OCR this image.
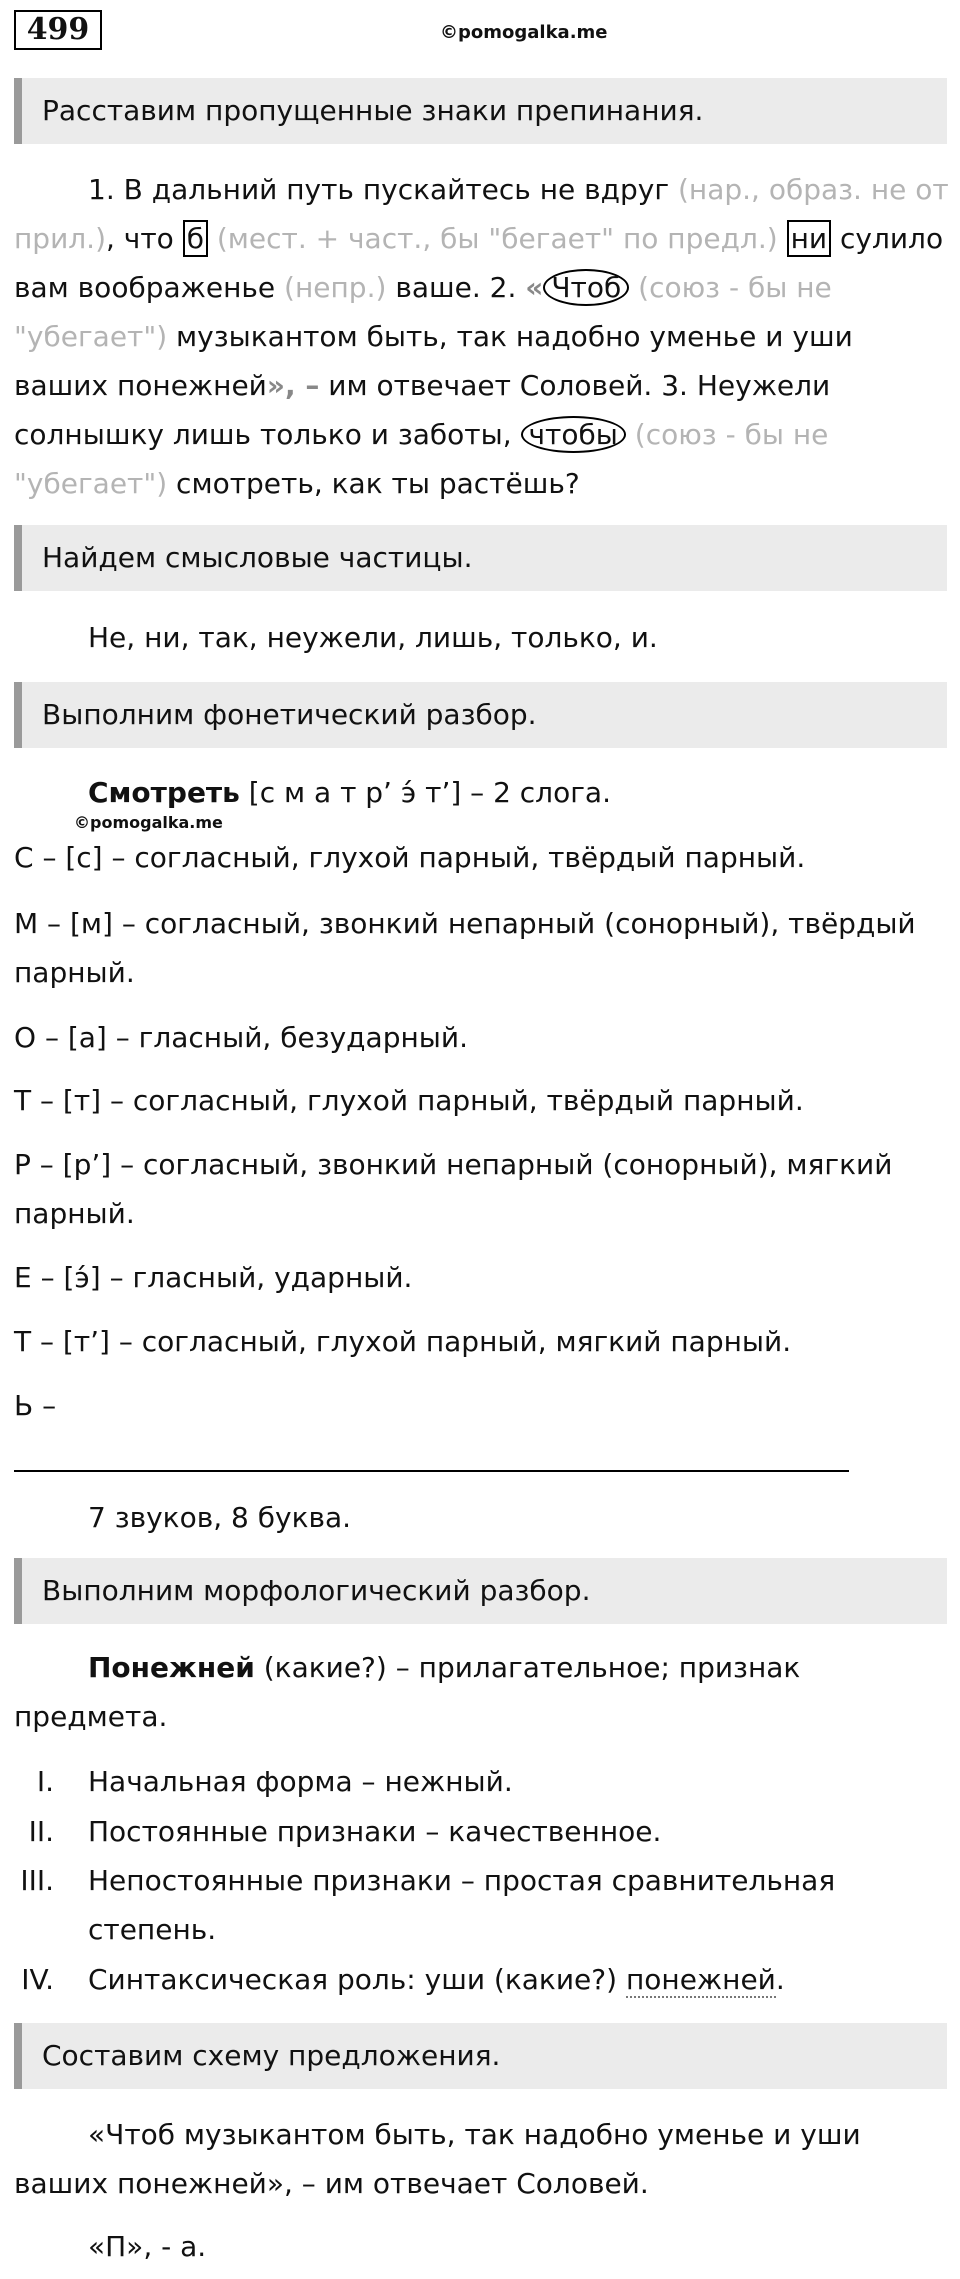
499	©pomogalka.me
Расставим пропущенные знаки препинания.
1. В дальний путь пускайтесь не вдруг (нар., образ. не от прил.), что б (мест. + част., бы "бегает" по предл.) ни сулило вам воображенье (непр.) ваше. 2. « Чтоб (союз - бы не "убегает") музыкантом быть, так надобно уменье и уши ваших понежней», – им отвечает Соловей. 3. Неужели солнышку лишь только и заботы, чтобы (союз - бы не "убегает") смотреть, как ты растёшь?
Найдем смысловые частицы.
Не, ни, так, неужели, лишь, только, и.
Выполним фонетический разбор.
Смотреть [с м а т р’ э́ т’] – 2 слога.
©pomogalka.me
С – [с] – согласный, глухой парный, твёрдый парный.
М – [м] – согласный, звонкий непарный (сонорный), твёрдый парный.
О – [а] – гласный, безударный.
Т – [т] – согласный, глухой парный, твёрдый парный.
Р – [р’] – согласный, звонкий непарный (сонорный), мягкий парный.
Е – [э́] – гласный, ударный.
Т – [т’] – согласный, глухой парный, мягкий парный.
Ь –
7 звуков, 8 буква.
Выполним морфологический разбор.
Понежней (какие?) – прилагательное; признак предмета.
I. Начальная форма – нежный.
II. Постоянные признаки – качественное.
III. Непостоянные признаки – простая сравнительная степень.
IV. Синтаксическая роль: уши (какие?) понежней.
Составим схему предложения.
«Чтоб музыкантом быть, так надобно уменье и уши ваших понежней», – им отвечает Соловей.
«П», - а.
